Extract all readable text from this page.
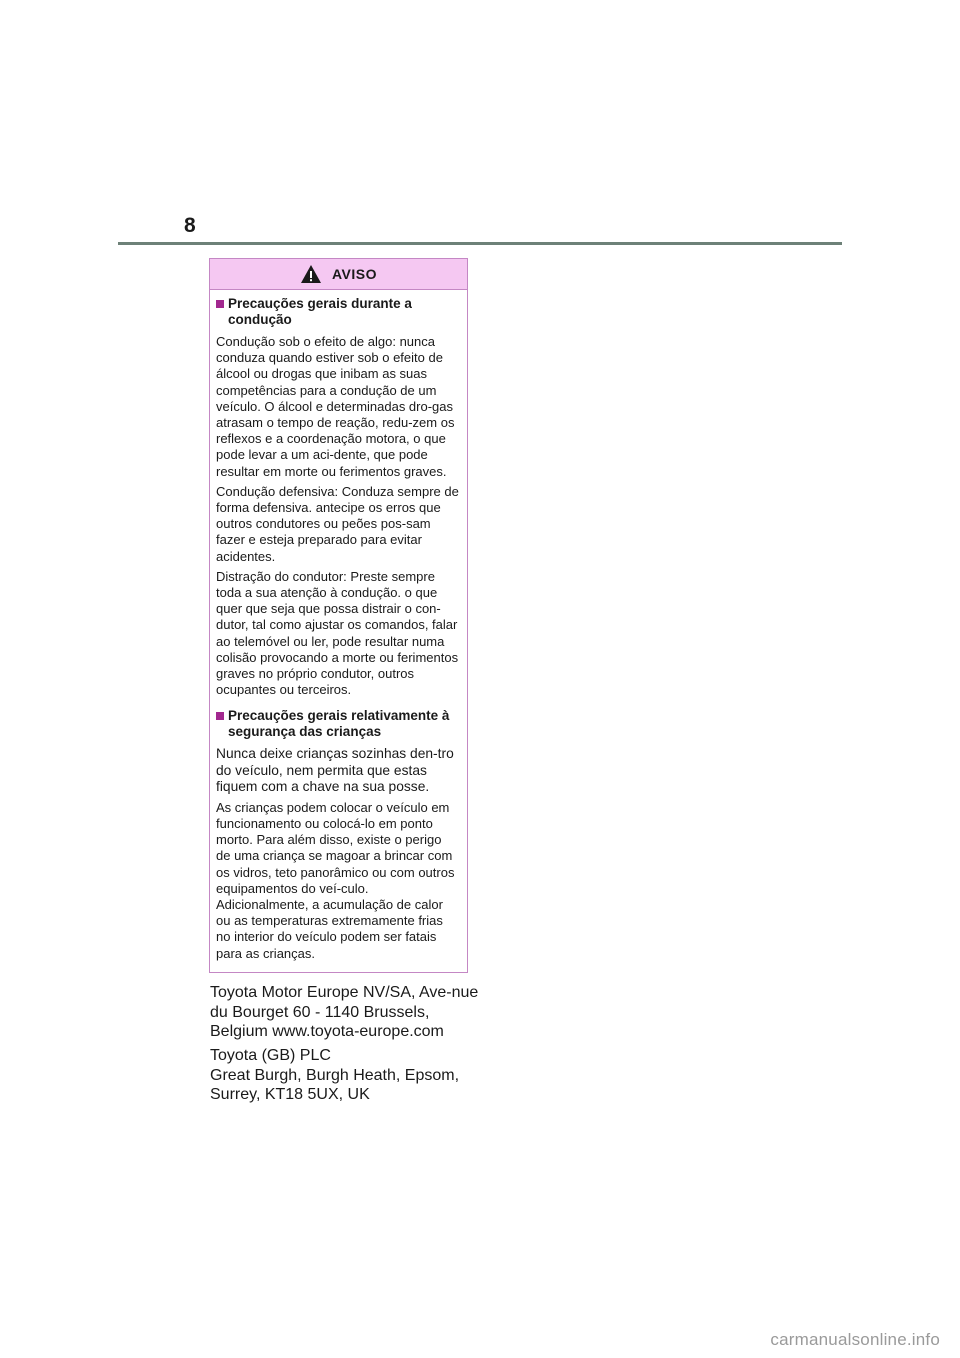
8
AVISO
Precauções gerais durante a condução

Condução sob o efeito de algo: nunca conduza quando estiver sob o efeito de álcool ou drogas que inibam as suas competências para a condução de um veículo. O álcool e determinadas dro-gas atrasam o tempo de reação, redu-zem os reflexos e a coordenação motora, o que pode levar a um aci-dente, que pode resultar em morte ou ferimentos graves.

Condução defensiva: Conduza sempre de forma defensiva. antecipe os erros que outros condutores ou peões pos-sam fazer e esteja preparado para evitar acidentes.

Distração do condutor: Preste sempre toda a sua atenção à condução. o que quer que seja que possa distrair o con-dutor, tal como ajustar os comandos, falar ao telemóvel ou ler, pode resultar numa colisão provocando a morte ou ferimentos graves no próprio condutor, outros ocupantes ou terceiros.

Precauções gerais relativamente à segurança das crianças

Nunca deixe crianças sozinhas den-tro do veículo, nem permita que estas fiquem com a chave na sua posse.

As crianças podem colocar o veículo em funcionamento ou colocá-lo em ponto morto. Para além disso, existe o perigo de uma criança se magoar a brincar com os vidros, teto panorâmico ou com outros equipamentos do veí-culo. Adicionalmente, a acumulação de calor ou as temperaturas extremamente frias no interior do veículo podem ser fatais para as crianças.

Toyota Motor Europe NV/SA, Ave-nue du Bourget 60 - 1140 Brussels, Belgium www.toyota-europe.com

Toyota (GB) PLC
Great Burgh, Burgh Heath, Epsom, Surrey, KT18 5UX, UK
carmanualsonline.info
